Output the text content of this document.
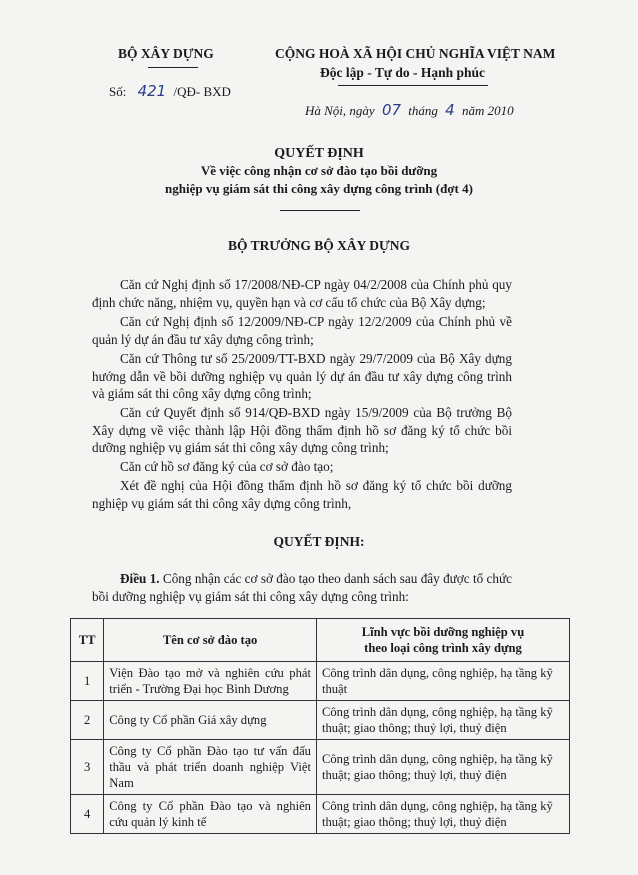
BỘ XÂY DỰNG
Số: 421 /QĐ- BXD
CỘNG HOÀ XÃ HỘI CHỦ NGHĨA VIỆT NAM
Độc lập - Tự do - Hạnh phúc
Hà Nội, ngày 07 tháng 4 năm 2010
QUYẾT ĐỊNH
Về việc công nhận cơ sở đào tạo bồi dưỡng
nghiệp vụ giám sát thi công xây dựng công trình (đợt 4)
BỘ TRƯỞNG BỘ XÂY DỰNG
Căn cứ Nghị định số 17/2008/NĐ-CP ngày 04/2/2008 của Chính phủ quy định chức năng, nhiệm vụ, quyền hạn và cơ cấu tổ chức của Bộ Xây dựng;
Căn cứ Nghị định số 12/2009/NĐ-CP ngày 12/2/2009 của Chính phủ về quản lý dự án đầu tư xây dựng công trình;
Căn cứ Thông tư số 25/2009/TT-BXD ngày 29/7/2009 của Bộ Xây dựng hướng dẫn về bồi dưỡng nghiệp vụ quản lý dự án đầu tư xây dựng công trình và giám sát thi công xây dựng công trình;
Căn cứ Quyết định số 914/QĐ-BXD ngày 15/9/2009 của Bộ trưởng Bộ Xây dựng về việc thành lập Hội đồng thẩm định hồ sơ đăng ký tổ chức bồi dưỡng nghiệp vụ giám sát thi công xây dựng công trình;
Căn cứ hồ sơ đăng ký của cơ sở đào tạo;
Xét đề nghị của Hội đồng thẩm định hồ sơ đăng ký tổ chức bồi dưỡng nghiệp vụ giám sát thi công xây dựng công trình,
QUYẾT ĐỊNH:
Điều 1. Công nhận các cơ sở đào tạo theo danh sách sau đây được tổ chức bồi dưỡng nghiệp vụ giám sát thi công xây dựng công trình:
TT	Tên cơ sở đào tạo	Lĩnh vực bồi dưỡng nghiệp vụ
theo loại công trình xây dựng
1	Viện Đào tạo mở và nghiên cứu phát triển - Trường Đại học Bình Dương	Công trình dân dụng, công nghiệp, hạ tầng kỹ thuật
2	Công ty Cổ phần Giá xây dựng	Công trình dân dụng, công nghiệp, hạ tầng kỹ thuật; giao thông; thuỷ lợi, thuỷ điện
3	Công ty Cổ phần Đào tạo tư vấn đấu thầu và phát triển doanh nghiệp Việt Nam	Công trình dân dụng, công nghiệp, hạ tầng kỹ thuật; giao thông; thuỷ lợi, thuỷ điện
4	Công ty Cổ phần Đào tạo và nghiên cứu quản lý kinh tế	Công trình dân dụng, công nghiệp, hạ tầng kỹ thuật; giao thông; thuỷ lợi, thuỷ điện
